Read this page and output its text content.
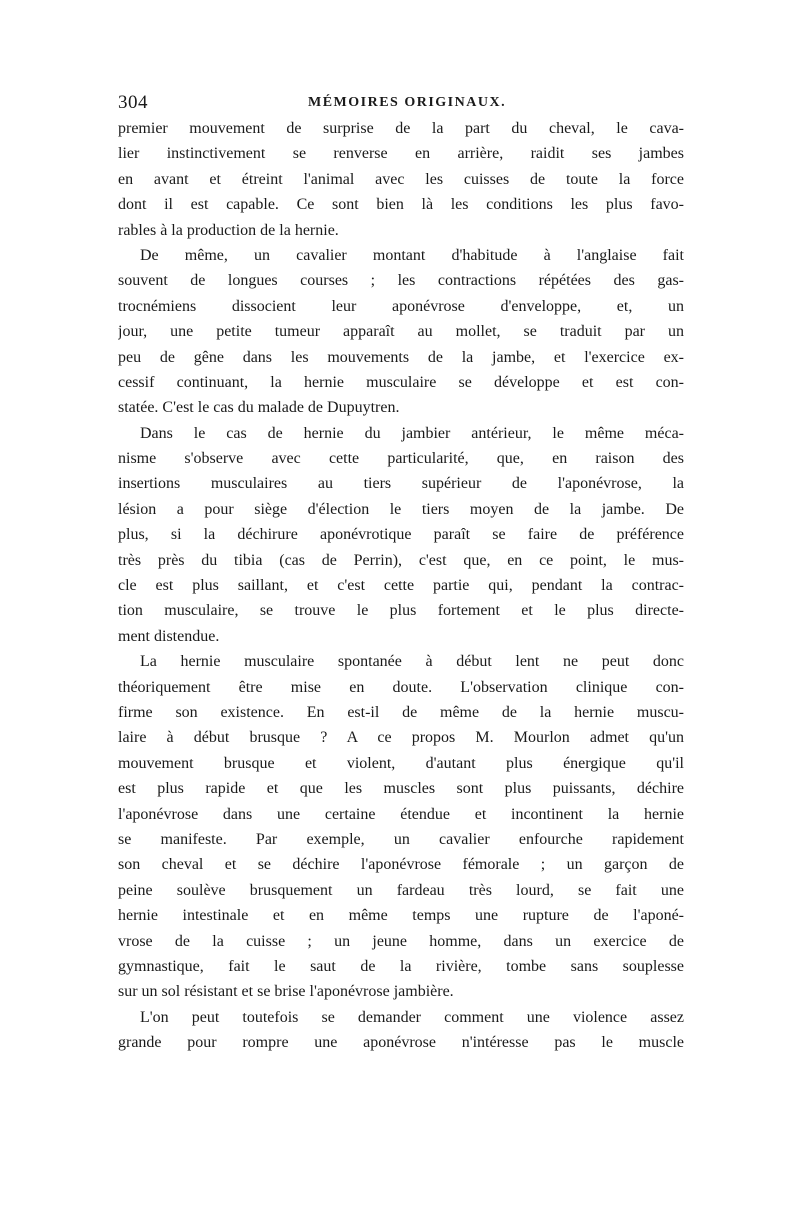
304	MÉMOIRES ORIGINAUX.
premier mouvement de surprise de la part du cheval, le cava-
lier instinctivement se renverse en arrière, raidit ses jambes
en avant et étreint l'animal avec les cuisses de toute la force
dont il est capable. Ce sont bien là les conditions les plus favo-
rables à la production de la hernie.
De même, un cavalier montant d'habitude à l'anglaise fait
souvent de longues courses ; les contractions répétées des gas-
trocnémiens dissocient leur aponévrose d'enveloppe, et, un
jour, une petite tumeur apparaît au mollet, se traduit par un
peu de gêne dans les mouvements de la jambe, et l'exercice ex-
cessif continuant, la hernie musculaire se développe et est con-
statée. C'est le cas du malade de Dupuytren.
Dans le cas de hernie du jambier antérieur, le même méca-
nisme s'observe avec cette particularité, que, en raison des
insertions musculaires au tiers supérieur de l'aponévrose, la
lésion a pour siège d'élection le tiers moyen de la jambe. De
plus, si la déchirure aponévrotique paraît se faire de préférence
très près du tibia (cas de Perrin), c'est que, en ce point, le mus-
cle est plus saillant, et c'est cette partie qui, pendant la contrac-
tion musculaire, se trouve le plus fortement et le plus directe-
ment distendue.
La hernie musculaire spontanée à début lent ne peut donc
théoriquement être mise en doute. L'observation clinique con-
firme son existence. En est-il de même de la hernie muscu-
laire à début brusque ? A ce propos M. Mourlon admet qu'un
mouvement brusque et violent, d'autant plus énergique qu'il
est plus rapide et que les muscles sont plus puissants, déchire
l'aponévrose dans une certaine étendue et incontinent la hernie
se manifeste. Par exemple, un cavalier enfourche rapidement
son cheval et se déchire l'aponévrose fémorale ; un garçon de
peine soulève brusquement un fardeau très lourd, se fait une
hernie intestinale et en même temps une rupture de l'aponé-
vrose de la cuisse ; un jeune homme, dans un exercice de
gymnastique, fait le saut de la rivière, tombe sans souplesse
sur un sol résistant et se brise l'aponévrose jambière.
L'on peut toutefois se demander comment une violence assez
grande pour rompre une aponévrose n'intéresse pas le muscle
